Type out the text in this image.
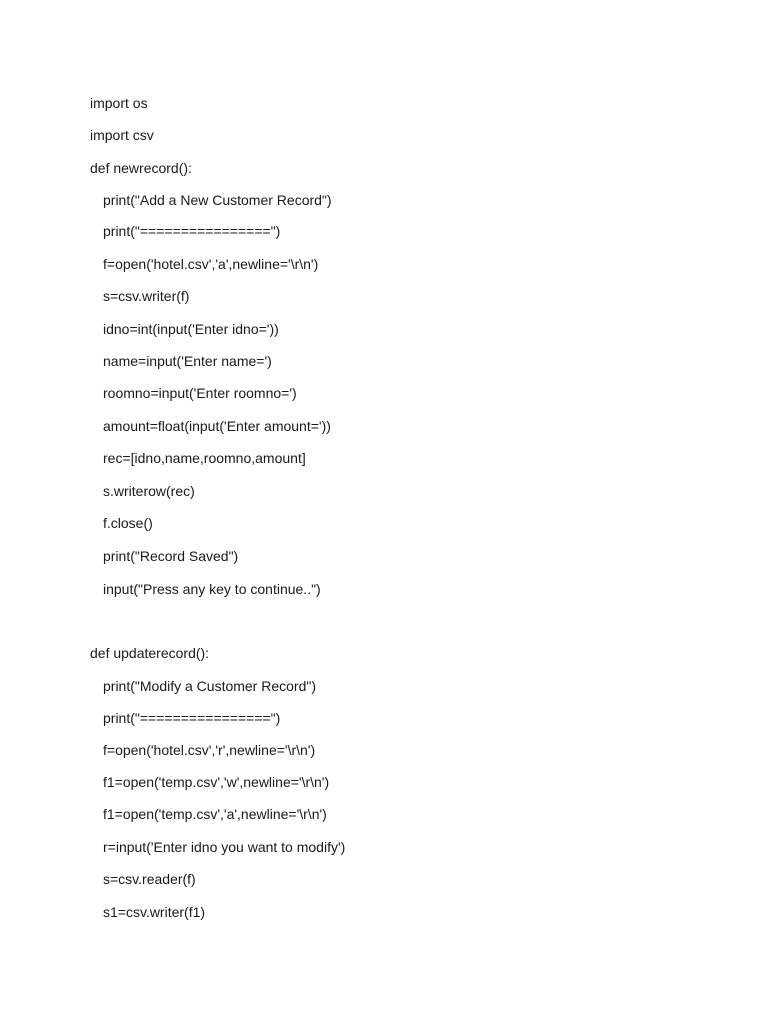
import os
import csv
def newrecord():
print("Add a New Customer Record")
print("================")
f=open('hotel.csv','a',newline='\r\n')
s=csv.writer(f)
idno=int(input('Enter idno='))
name=input('Enter name=')
roomno=input('Enter roomno=')
amount=float(input('Enter amount='))
rec=[idno,name,roomno,amount]
s.writerow(rec)
f.close()
print("Record Saved")
input("Press any key to continue..")
def updaterecord():
print("Modify a Customer Record")
print("================")
f=open('hotel.csv','r',newline='\r\n')
f1=open('temp.csv','w',newline='\r\n')
f1=open('temp.csv','a',newline='\r\n')
r=input('Enter idno you want to modify')
s=csv.reader(f)
s1=csv.writer(f1)
